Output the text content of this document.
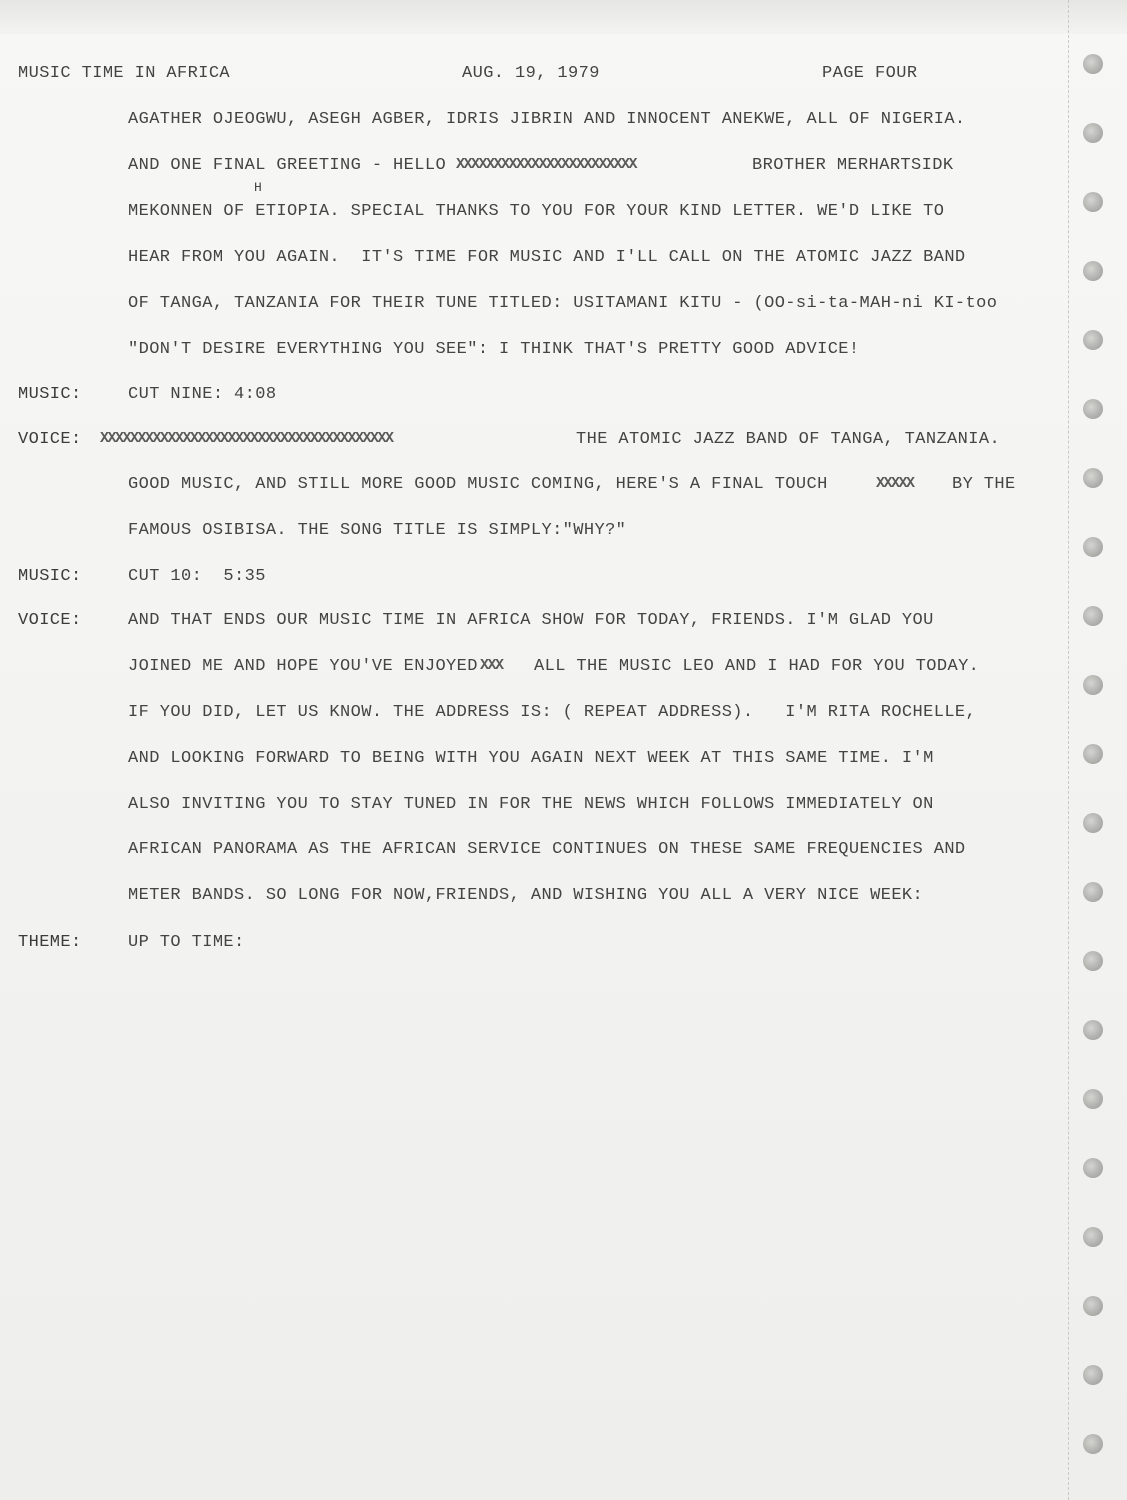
MUSIC TIME IN AFRICA	AUG. 19, 1979	PAGE FOUR
AGATHER OJEOGWU, ASEGH AGBER, IDRIS JIBRIN AND INNOCENT ANEKWE, ALL OF NIGERIA.
AND ONE FINAL GREETING - HELLO XXXXXXXXXXXXXXXXXXXXXXXX	BROTHER MERHARTSIDK
H
MEKONNEN OF ETIOPIA. SPECIAL THANKS TO YOU FOR YOUR KIND LETTER. WE'D LIKE TO
HEAR FROM YOU AGAIN.  IT'S TIME FOR MUSIC AND I'LL CALL ON THE ATOMIC JAZZ BAND
OF TANGA, TANZANIA FOR THEIR TUNE TITLED: USITAMANI KITU - (OO-si-ta-MAH-ni KI-too
"DON'T DESIRE EVERYTHING YOU SEE": I THINK THAT'S PRETTY GOOD ADVICE!
MUSIC:	CUT NINE: 4:08
VOICE: XXXXXXXXXXXXXXXXXXXXXXXXXXXXXXXXXXXXXXX	THE ATOMIC JAZZ BAND OF TANGA, TANZANIA.
GOOD MUSIC, AND STILL MORE GOOD MUSIC COMING, HERE'S A FINAL TOUCH	XXXXX BY THE
FAMOUS OSIBISA. THE SONG TITLE IS SIMPLY:"WHY?"
MUSIC:	CUT 10:  5:35
VOICE:	AND THAT ENDS OUR MUSIC TIME IN AFRICA SHOW FOR TODAY, FRIENDS. I'M GLAD YOU
JOINED ME AND HOPE YOU'VE ENJOYED XXX ALL THE MUSIC LEO AND I HAD FOR YOU TODAY.
IF YOU DID, LET US KNOW. THE ADDRESS IS: ( REPEAT ADDRESS).   I'M RITA ROCHELLE,
AND LOOKING FORWARD TO BEING WITH YOU AGAIN NEXT WEEK AT THIS SAME TIME. I'M
ALSO INVITING YOU TO STAY TUNED IN FOR THE NEWS WHICH FOLLOWS IMMEDIATELY ON
AFRICAN PANORAMA AS THE AFRICAN SERVICE CONTINUES ON THESE SAME FREQUENCIES AND
METER BANDS. SO LONG FOR NOW,FRIENDS, AND WISHING YOU ALL A VERY NICE WEEK:
THEME:	UP TO TIME:
